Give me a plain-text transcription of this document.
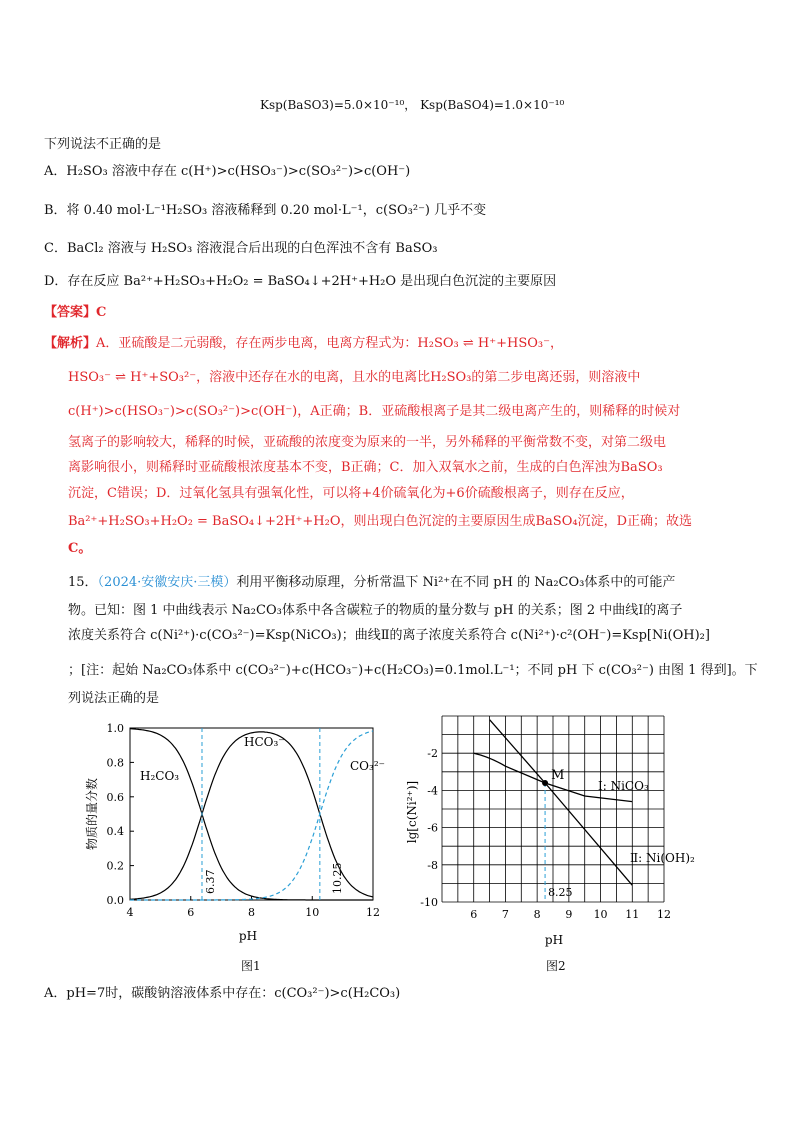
Ksp(BaSO3)=5.0×10⁻¹⁰， Ksp(BaSO4)=1.0×10⁻¹⁰
下列说法不正确的是
A．H₂SO₃ 溶液中存在 c(H⁺)>c(HSO₃⁻)>c(SO₃²⁻)>c(OH⁻)
B．将 0.40 mol·L⁻¹H₂SO₃ 溶液稀释到 0.20 mol·L⁻¹，c(SO₃²⁻) 几乎不变
C．BaCl₂ 溶液与 H₂SO₃ 溶液混合后出现的白色浑浊不含有 BaSO₃
D．存在反应 Ba²⁺+H₂SO₃+H₂O₂ = BaSO₄↓+2H⁺+H₂O 是出现白色沉淀的主要原因
【答案】C
【解析】A．亚硫酸是二元弱酸，存在两步电离，电离方程式为：H₂SO₃ ⇌ H⁺+HSO₃⁻，
HSO₃⁻ ⇌ H⁺+SO₃²⁻，溶液中还存在水的电离，且水的电离比H₂SO₃的第二步电离还弱，则溶液中
c(H⁺)>c(HSO₃⁻)>c(SO₃²⁻)>c(OH⁻)，A正确；B．亚硫酸根离子是其二级电离产生的，则稀释的时候对
氢离子的影响较大，稀释的时候，亚硫酸的浓度变为原来的一半，另外稀释的平衡常数不变，对第二级电
离影响很小，则稀释时亚硫酸根浓度基本不变，B正确；C．加入双氧水之前，生成的白色浑浊为BaSO₃
沉淀，C错误；D．过氧化氢具有强氧化性，可以将+4价硫氧化为+6价硫酸根离子，则存在反应，
Ba²⁺+H₂SO₃+H₂O₂ = BaSO₄↓+2H⁺+H₂O，则出现白色沉淀的主要原因生成BaSO₄沉淀，D正确；故选
C。
15．（2024·安徽安庆·三模）利用平衡移动原理，分析常温下 Ni²⁺在不同 pH 的 Na₂CO₃体系中的可能产
物。已知：图 1 中曲线表示 Na₂CO₃体系中各含碳粒子的物质的量分数与 pH 的关系；图 2 中曲线Ⅰ的离子
浓度关系符合 c(Ni²⁺)·c(CO₃²⁻)=Ksp(NiCO₃)；曲线Ⅱ的离子浓度关系符合 c(Ni²⁺)·c²(OH⁻)=Ksp[Ni(OH)₂]
；[注：起始 Na₂CO₃体系中 c(CO₃²⁻)+c(HCO₃⁻)+c(H₂CO₃)=0.1mol.L⁻¹；不同 pH 下 c(CO₃²⁻) 由图 1 得到]。下
列说法正确的是
4	6	8	10	12
0.0
0.2
0.4
0.6
0.8
1.0
H₂CO₃
HCO₃⁻
CO₃²⁻
6.37	10.25
pH
物质的量分数
图1
6 7 8 9 10 11 12
-2
-4
-6
-8
-10
M
Ⅰ: NiCO₃
Ⅱ: Ni(OH)₂
8.25
pH
lg[c(Ni²⁺)]
图2
A．pH=7时，碳酸钠溶液体系中存在：c(CO₃²⁻)>c(H₂CO₃)
